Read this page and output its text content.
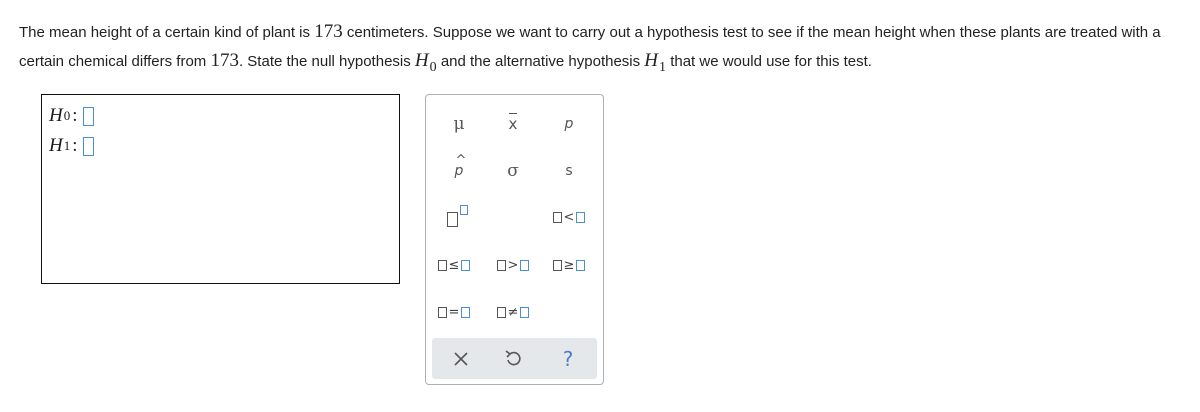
The mean height of a certain kind of plant is 173 centimeters. Suppose we want to carry out a hypothesis test to see if the mean height when these plants are treated with a certain chemical differs from 173. State the null hypothesis H0 and the alternative hypothesis H1 that we would use for this test.

H 0 :
H 1 :
μ	x	p
^ p	σ	s
<
≤	>	≥
=	≠
?
